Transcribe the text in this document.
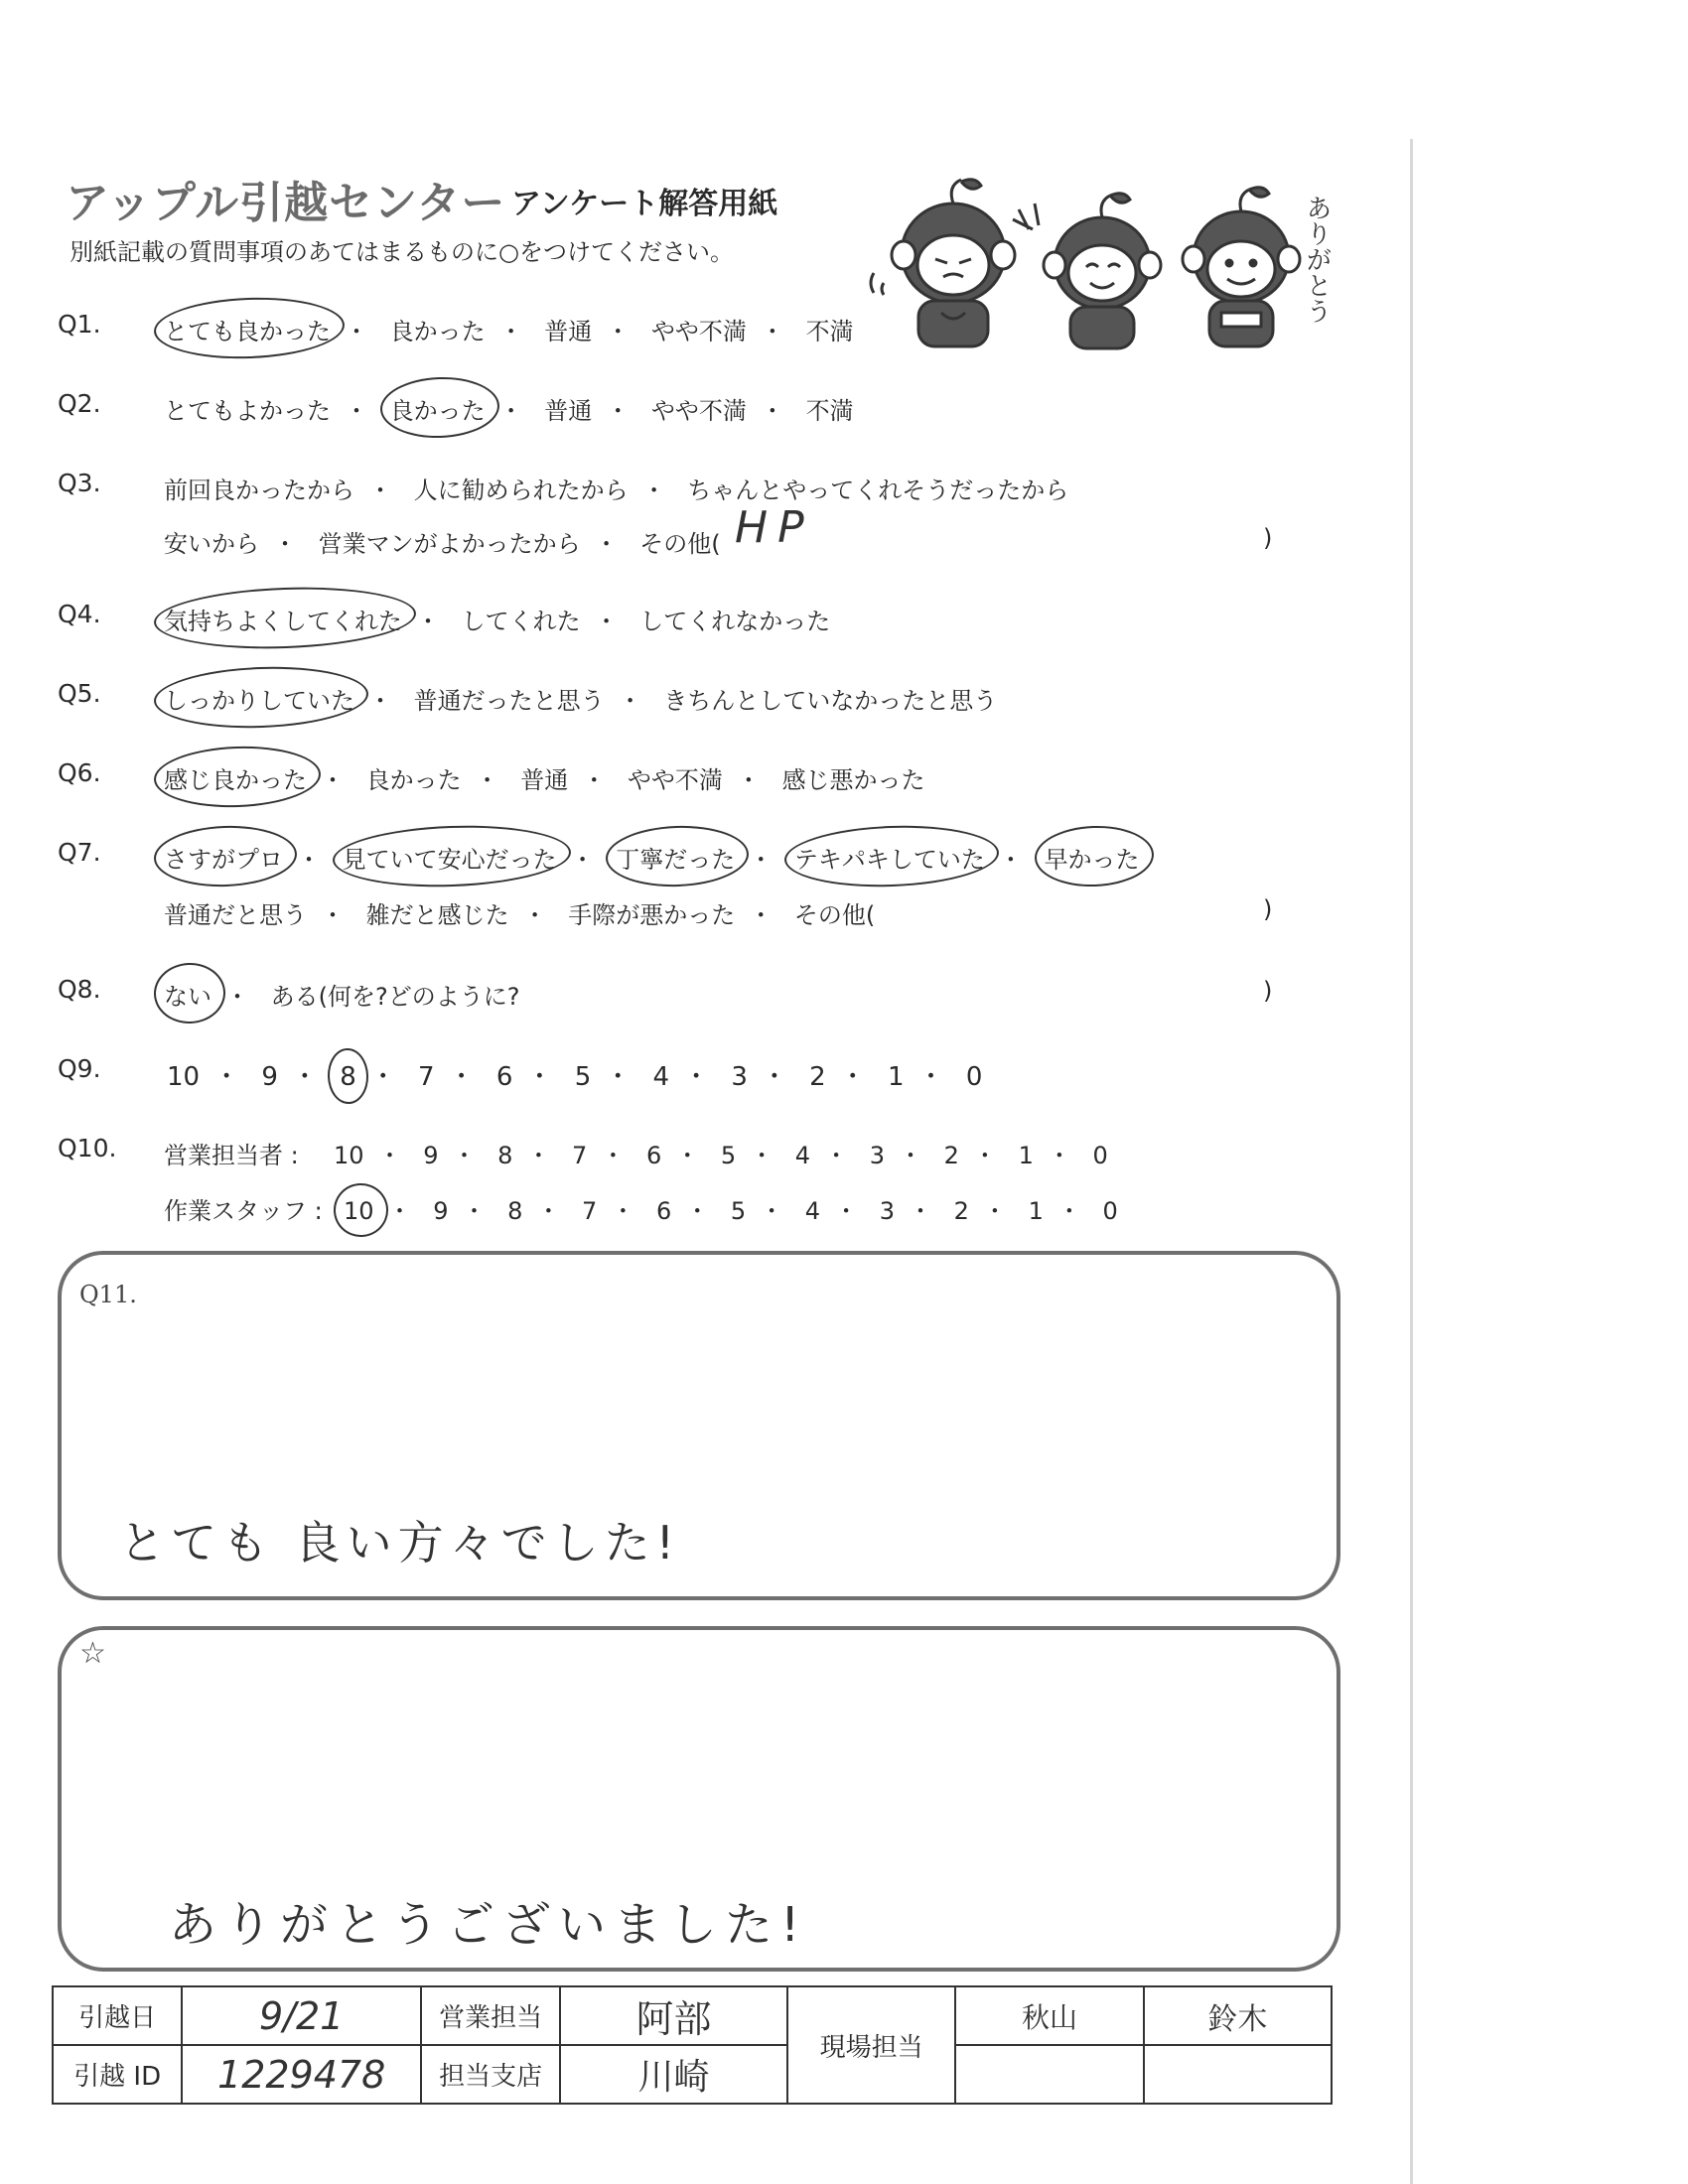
アップル引越センター アンケート解答用紙
別紙記載の質問事項のあてはまるものに○をつけてください。	ありがとう
Q1.	とても良かった ・ 良かった ・ 普通 ・ やや不満 ・ 不満
Q2.	とてもよかった ・ 良かった ・ 普通 ・ やや不満 ・ 不満
Q3.	前回良かったから ・ 人に勧められたから ・ ちゃんとやってくれそうだったから
安いから ・ 営業マンがよかったから ・ その他( HP	)
Q4.	気持ちよくしてくれた ・ してくれた ・ してくれなかった
Q5.	しっかりしていた ・ 普通だったと思う ・ きちんとしていなかったと思う
Q6.	感じ良かった ・ 良かった ・ 普通 ・ やや不満 ・ 感じ悪かった
Q7.	さすがプロ ・ 見ていて安心だった ・ 丁寧だった ・ テキパキしていた ・ 早かった
普通だと思う ・ 雑だと感じた ・ 手際が悪かった ・ その他(	)
Q8.	ない ・ ある(何を?どのように?	)
Q9.	10 ・ 9 ・ 8 ・ 7 ・ 6 ・ 5 ・ 4 ・ 3 ・ 2 ・ 1 ・ 0
Q10. 営業担当者 : 10 ・ 9 ・ 8 ・ 7 ・ 6 ・ 5 ・ 4 ・ 3 ・ 2 ・ 1 ・ 0
作業スタッフ : 10 ・ 9 ・ 8 ・ 7 ・ 6 ・ 5 ・ 4 ・ 3 ・ 2 ・ 1 ・ 0
Q11.
とても 良い方々でした!
☆
ありがとうございました!
引越日	9/21	営業担当	阿部	現場担当	秋山	鈴木
引越 ID	1229478	担当支店	川崎			
